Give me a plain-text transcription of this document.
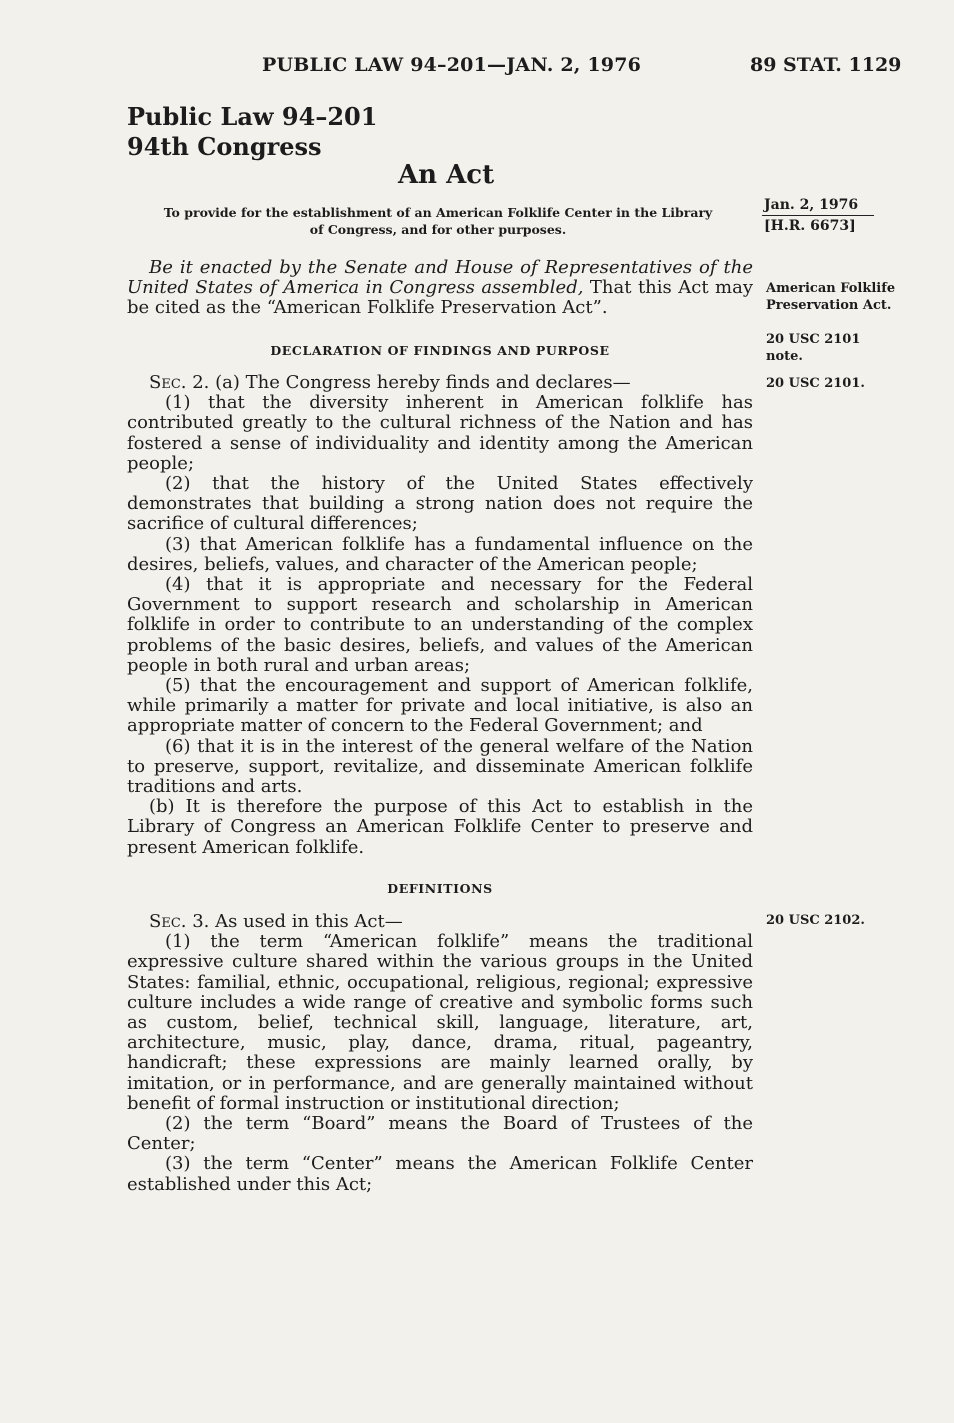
PUBLIC LAW 94–201—JAN. 2, 1976	89 STAT. 1129
Public Law 94–201
94th Congress
An Act
To provide for the establishment of an American Folklife Center in the Library
of Congress, and for other purposes.
Jan. 2, 1976
[H.R. 6673]
American Folklife Preservation Act.
20 USC 2101
note.
20 USC 2101.
20 USC 2102.

Be it enacted by the Senate and House of Representatives of the United States of America in Congress assembled, That this Act may be cited as the “American Folklife Preservation Act”.

DECLARATION OF FINDINGS AND PURPOSE

Sec. 2. (a) The Congress hereby finds and declares—

(1) that the diversity inherent in American folklife has contributed greatly to the cultural richness of the Nation and has fostered a sense of individuality and identity among the American people;

(2) that the history of the United States effectively demonstrates that building a strong nation does not require the sacrifice of cultural differences;

(3) that American folklife has a fundamental influence on the desires, beliefs, values, and character of the American people;

(4) that it is appropriate and necessary for the Federal Government to support research and scholarship in American folklife in order to contribute to an understanding of the complex problems of the basic desires, beliefs, and values of the American people in both rural and urban areas;

(5) that the encouragement and support of American folklife, while primarily a matter for private and local initiative, is also an appropriate matter of concern to the Federal Government; and

(6) that it is in the interest of the general welfare of the Nation to preserve, support, revitalize, and disseminate American folklife traditions and arts.

(b) It is therefore the purpose of this Act to establish in the Library of Congress an American Folklife Center to preserve and present American folklife.

DEFINITIONS

Sec. 3. As used in this Act—

(1) the term “American folklife” means the traditional expressive culture shared within the various groups in the United States: familial, ethnic, occupational, religious, regional; expressive culture includes a wide range of creative and symbolic forms such as custom, belief, technical skill, language, literature, art, architecture, music, play, dance, drama, ritual, pageantry, handicraft; these expressions are mainly learned orally, by imitation, or in performance, and are generally maintained without benefit of formal instruction or institutional direction;

(2) the term “Board” means the Board of Trustees of the Center;

(3) the term “Center” means the American Folklife Center established under this Act;
